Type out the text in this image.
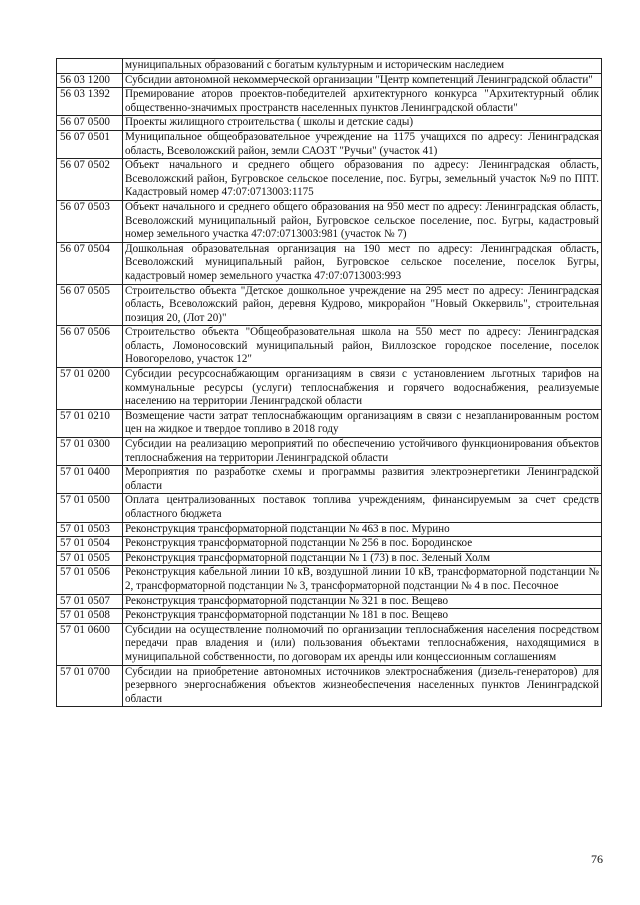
	муниципальных образований с богатым культурным и историческим наследием
56 03 1200	Субсидии автономной некоммерческой организации "Центр компетенций Ленинградской области"
56 03 1392	Премирование аторов проектов-победителей архитектурного конкурса "Архитектурный облик общественно-значимых пространств населенных пунктов Ленинградской области"
56 07 0500	Проекты жилищного строительства ( школы и детские сады)
56 07 0501	Муниципальное общеобразовательное учреждение на 1175 учащихся по адресу: Ленинградская область, Всеволожский район, земли САОЗТ "Ручьи" (участок 41)
56 07 0502	Объект начального и среднего общего образования по адресу: Ленинградская область, Всеволожский район, Бугровское сельское поселение, пос. Бугры, земельный участок №9 по ППТ. Кадастровый номер 47:07:0713003:1175
56 07 0503	Объект начального и среднего общего образования на 950 мест по адресу: Ленинградская область, Всеволожский муниципальный район, Бугровское сельское поселение, пос. Бугры, кадастровый номер земельного участка 47:07:0713003:981 (участок № 7)
56 07 0504	Дошкольная образовательная организация на 190 мест по адресу: Ленинградская область, Всеволожский муниципальный район, Бугровское сельское поселение, поселок Бугры, кадастровый номер земельного участка 47:07:0713003:993
56 07 0505	Строительство объекта "Детское дошкольное учреждение на 295 мест по адресу: Ленинградская область, Всеволожский район, деревня Кудрово, микрорайон "Новый Оккервиль", строительная позиция 20, (Лот 20)"
56 07 0506	Строительство объекта "Общеобразовательная школа на 550 мест по адресу: Ленинградская область, Ломоносовский муниципальный район, Виллозское городское поселение, поселок Новогорелово, участок 12"
57 01 0200	Субсидии ресурсоснабжающим организациям в связи с установлением льготных тарифов на коммунальные ресурсы (услуги) теплоснабжения и горячего водоснабжения, реализуемые населению на территории Ленинградской области
57 01 0210	Возмещение части затрат теплоснабжающим организациям в связи с незапланированным ростом цен на жидкое и твердое топливо в 2018 году
57 01 0300	Субсидии на реализацию мероприятий по обеспечению устойчивого функционирования объектов теплоснабжения на территории Ленинградской области
57 01 0400	Мероприятия по разработке схемы и программы развития электроэнергетики Ленинградской области
57 01 0500	Оплата централизованных поставок топлива учреждениям, финансируемым за счет средств областного бюджета
57 01 0503	Реконструкция трансформаторной подстанции № 463 в пос. Мурино
57 01 0504	Реконструкция трансформаторной подстанции № 256 в пос. Бородинское
57 01 0505	Реконструкция трансформаторной подстанции № 1 (73) в пос. Зеленый Холм
57 01 0506	Реконструкция кабельной линии 10 кВ, воздушной линии 10 кВ, трансформаторной подстанции № 2, трансформаторной подстанции № 3, трансформаторной подстанции № 4 в пос. Песочное
57 01 0507	Реконструкция трансформаторной подстанции № 321 в пос. Вещево
57 01 0508	Реконструкция трансформаторной подстанции № 181 в пос. Вещево
57 01 0600	Субсидии на осуществление полномочий по организации теплоснабжения населения посредством передачи прав владения и (или) пользования объектами теплоснабжения, находящимися в муниципальной собственности, по договорам их аренды или концессионным соглашениям
57 01 0700	Субсидии на приобретение автономных источников электроснабжения (дизель-генераторов) для резервного энергоснабжения объектов жизнеобеспечения населенных пунктов Ленинградской области
76
